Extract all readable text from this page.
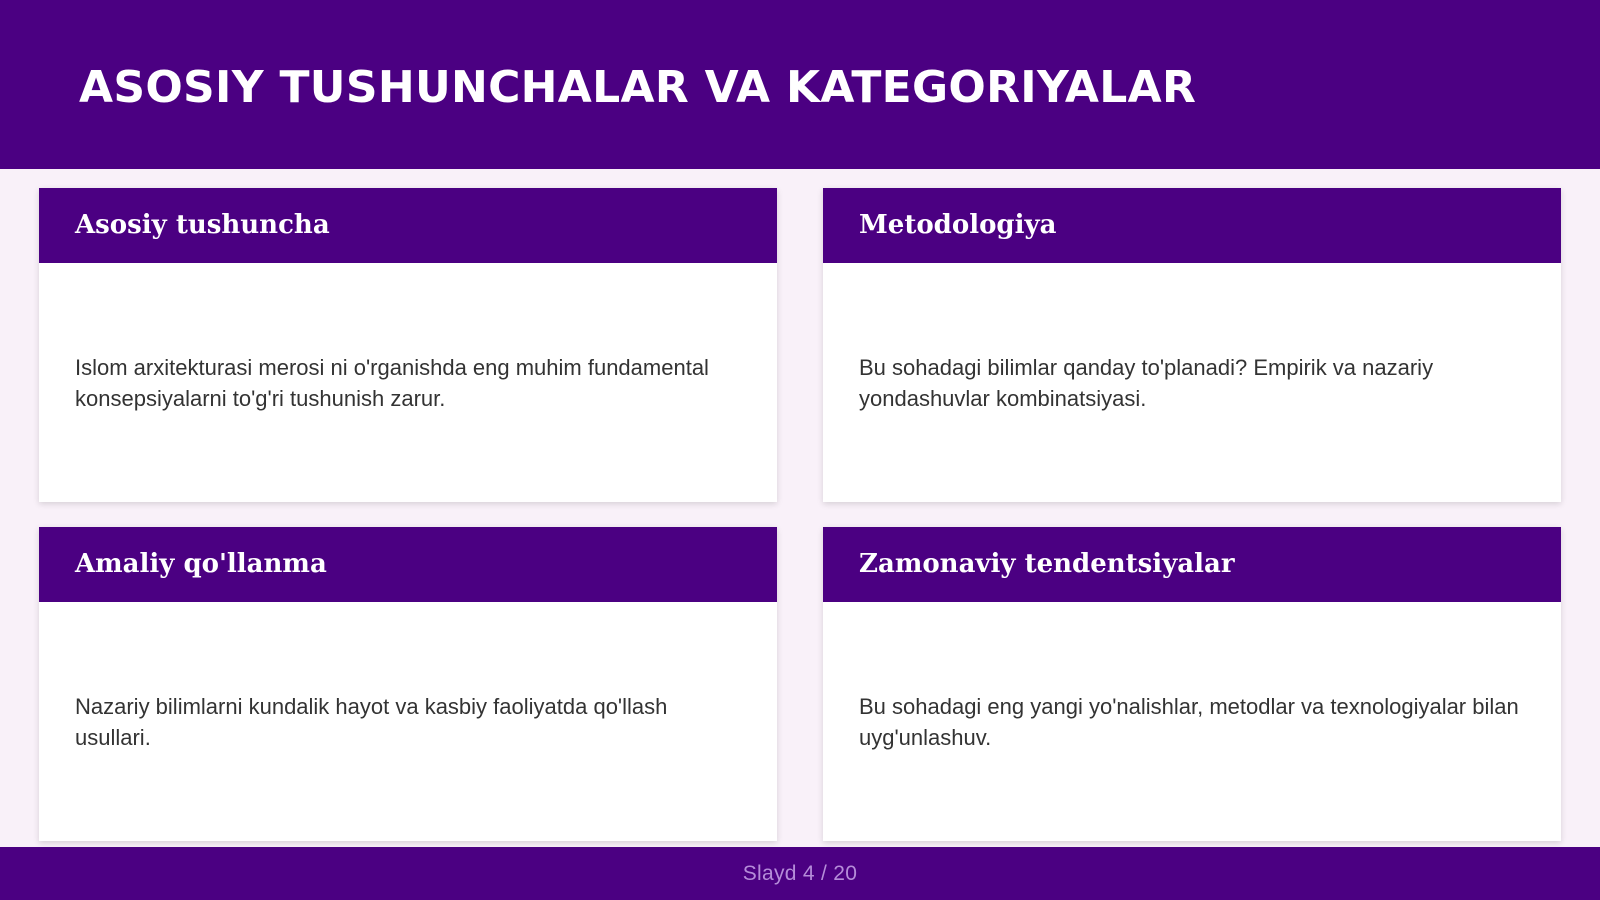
ASOSIY TUSHUNCHALAR VA KATEGORIYALAR
Asosiy tushuncha

Islom arxitekturasi merosi ni o'rganishda eng muhim fundamental konsepsiyalarni to'g'ri tushunish zarur.

Metodologiya

Bu sohadagi bilimlar qanday to'planadi? Empirik va nazariy yondashuvlar kombinatsiyasi.

Amaliy qo'llanma

Nazariy bilimlarni kundalik hayot va kasbiy faoliyatda qo'llash usullari.

Zamonaviy tendentsiyalar

Bu sohadagi eng yangi yo'nalishlar, metodlar va texnologiyalar bilan uyg'unlashuv.

Slayd 4 / 20
